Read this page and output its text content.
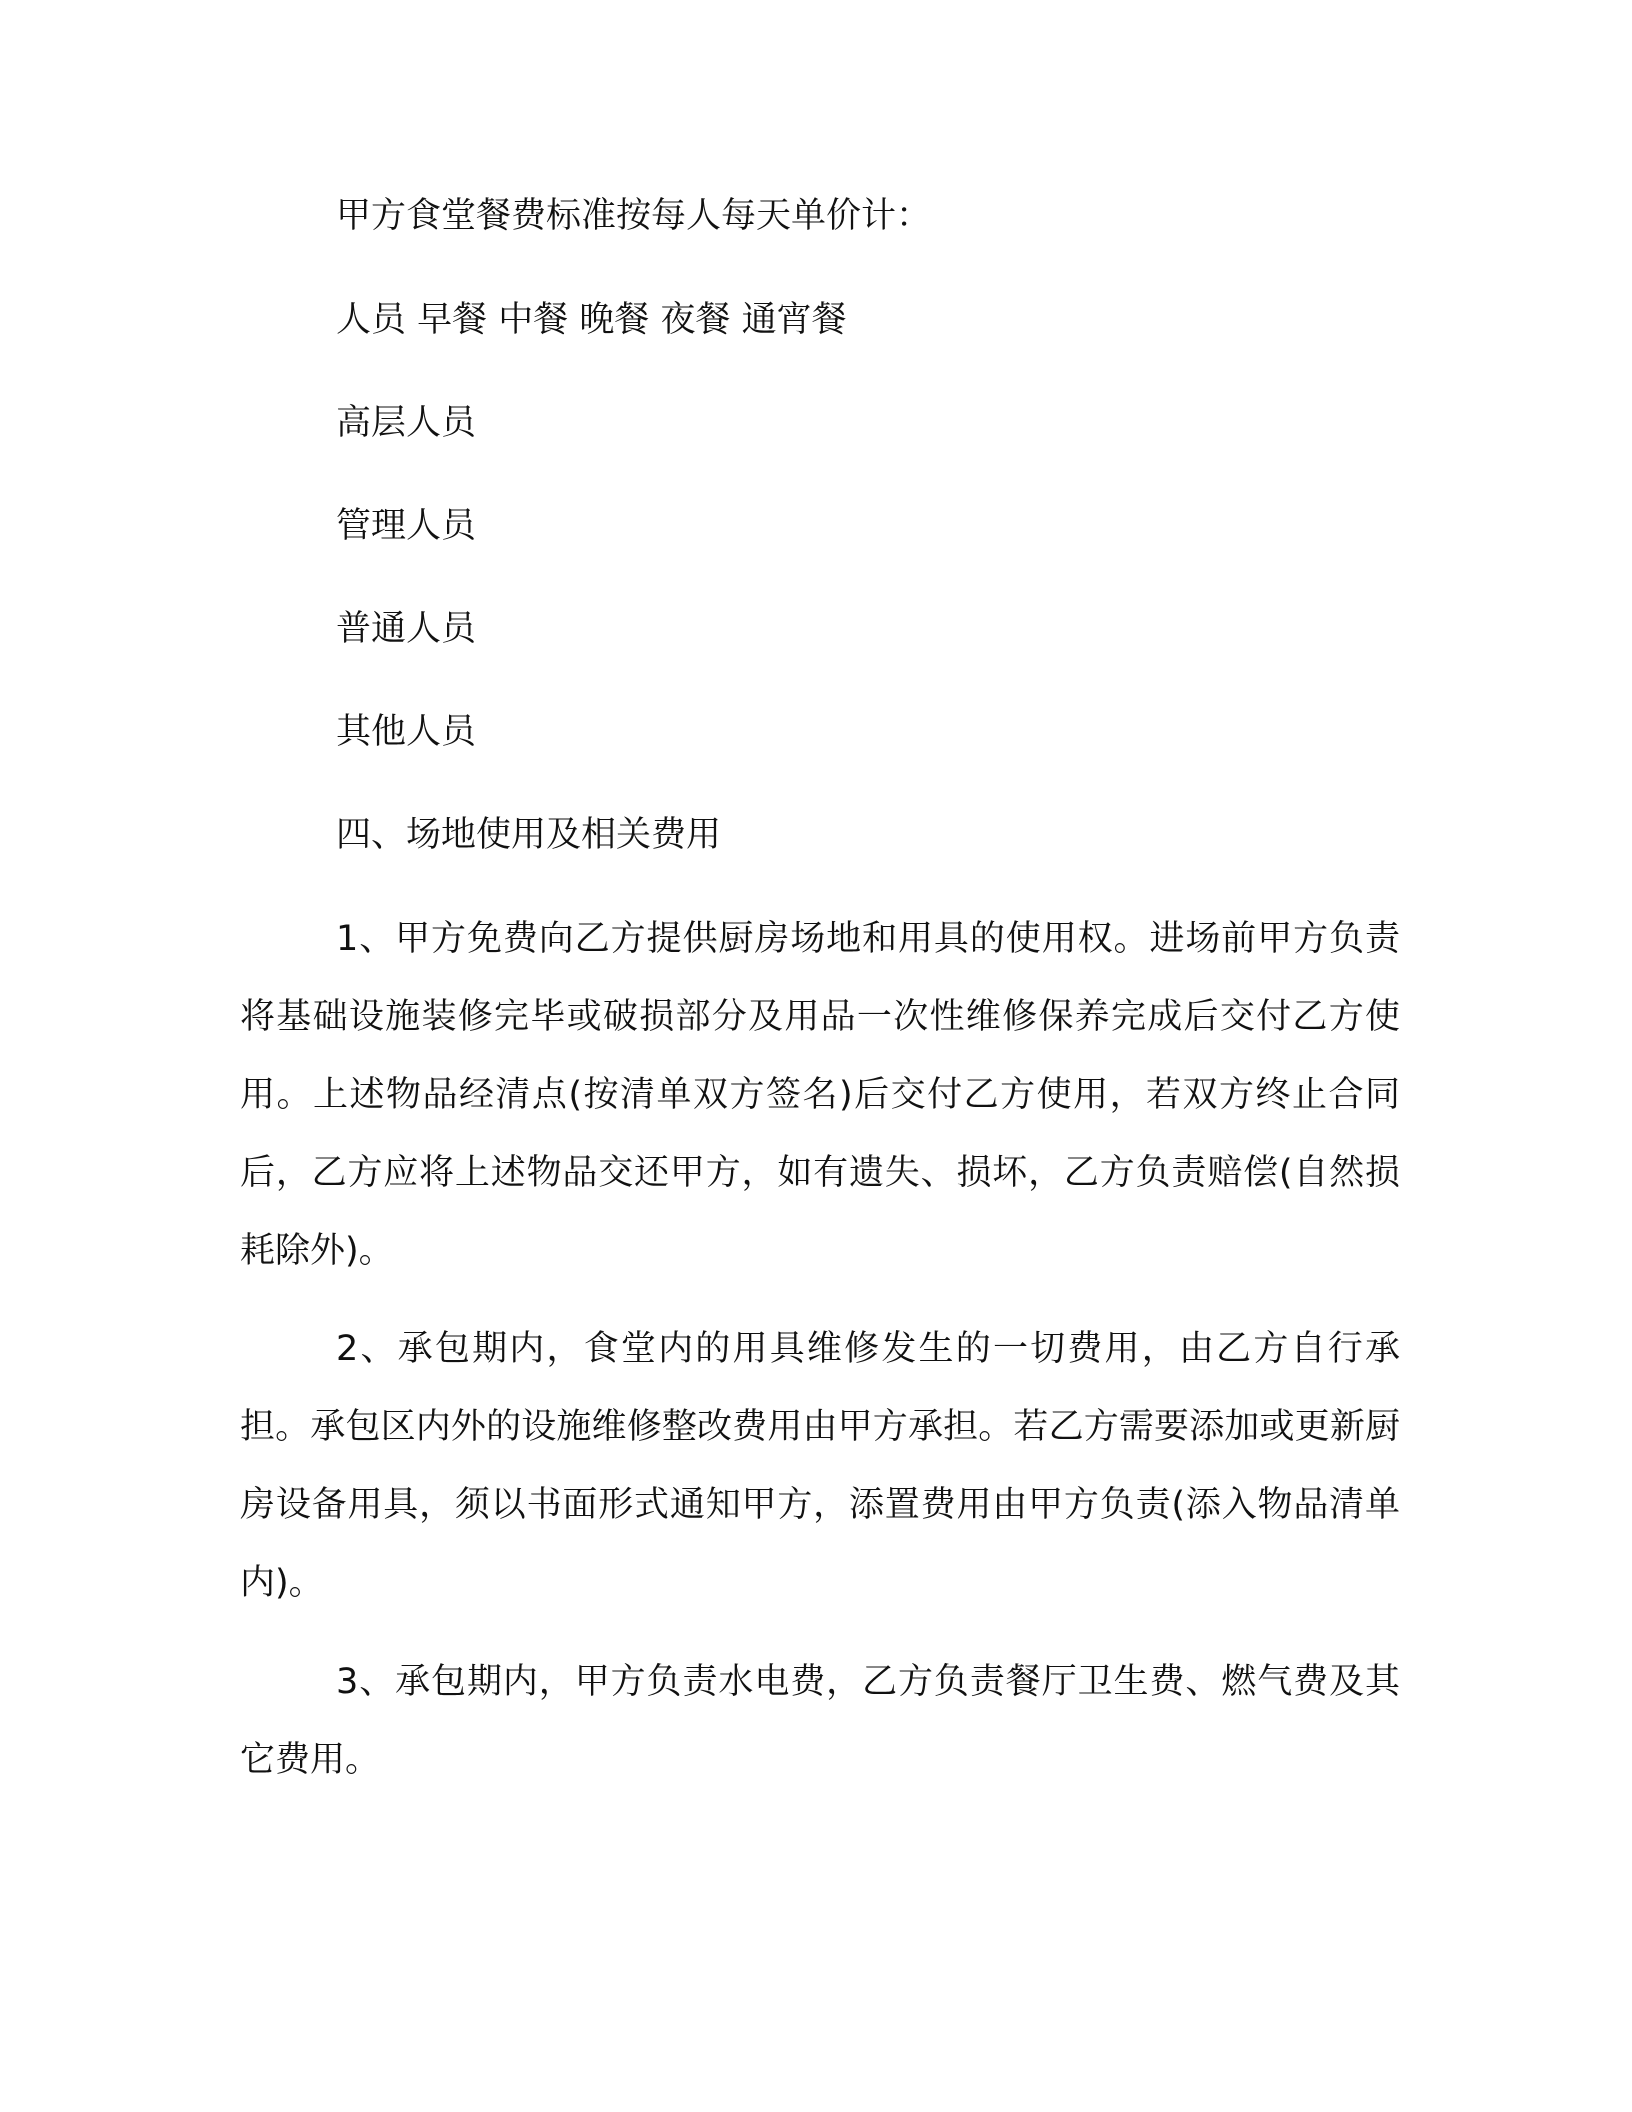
甲方食堂餐费标准按每人每天单价计：
人员 早餐 中餐 晚餐 夜餐 通宵餐
高层人员
管理人员
普通人员
其他人员
四、场地使用及相关费用

1、甲方免费向乙方提供厨房场地和用具的使用权。进场前甲方负责将基础设施装修完毕或破损部分及用品一次性维修保养完成后交付乙方使用。上述物品经清点(按清单双方签名)后交付乙方使用，若双方终止合同后，乙方应将上述物品交还甲方，如有遗失、损坏，乙方负责赔偿(自然损耗除外)。

2、承包期内，食堂内的用具维修发生的一切费用，由乙方自行承担。承包区内外的设施维修整改费用由甲方承担。若乙方需要添加或更新厨房设备用具，须以书面形式通知甲方，添置费用由甲方负责(添入物品清单内)。

3、承包期内，甲方负责水电费，乙方负责餐厅卫生费、燃气费及其它费用。
